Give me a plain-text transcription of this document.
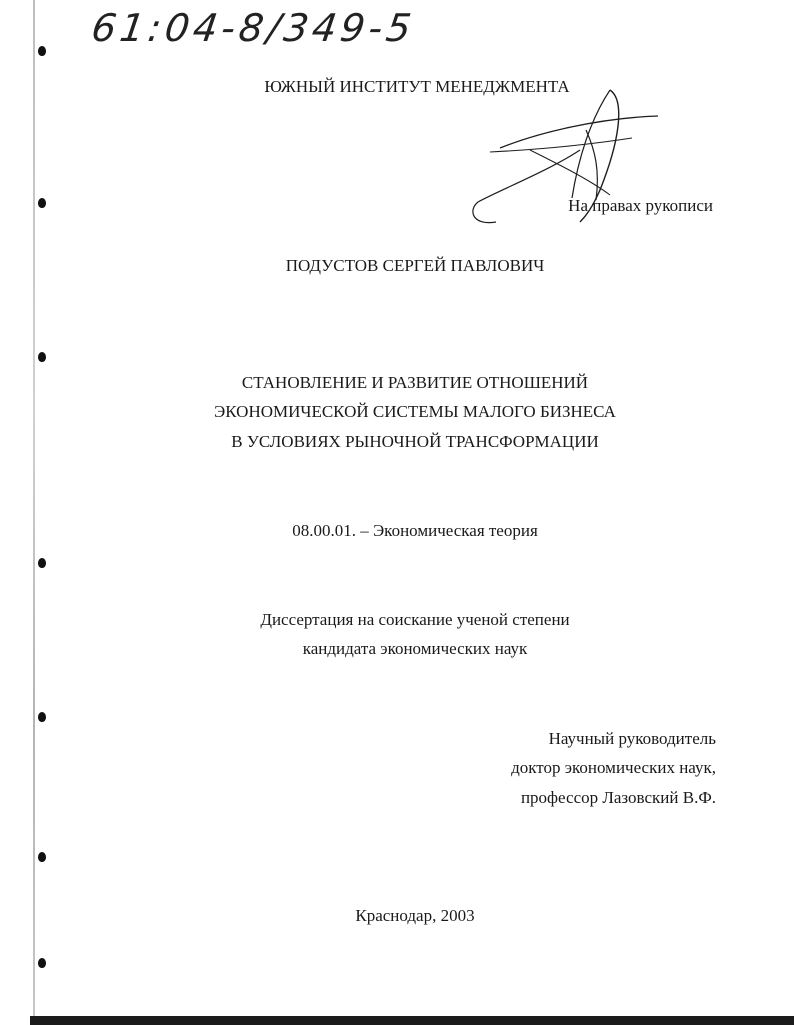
61:04-8/349-5
ЮЖНЫЙ ИНСТИТУТ МЕНЕДЖМЕНТА
На правах рукописи
ПОДУСТОВ СЕРГЕЙ ПАВЛОВИЧ
СТАНОВЛЕНИЕ И РАЗВИТИЕ ОТНОШЕНИЙ
ЭКОНОМИЧЕСКОЙ СИСТЕМЫ МАЛОГО БИЗНЕСА
В УСЛОВИЯХ РЫНОЧНОЙ ТРАНСФОРМАЦИИ
08.00.01. – Экономическая теория
Диссертация на соискание ученой степени
кандидата экономических наук
Научный руководитель
доктор экономических наук,
профессор Лазовский В.Ф.
Краснодар, 2003
